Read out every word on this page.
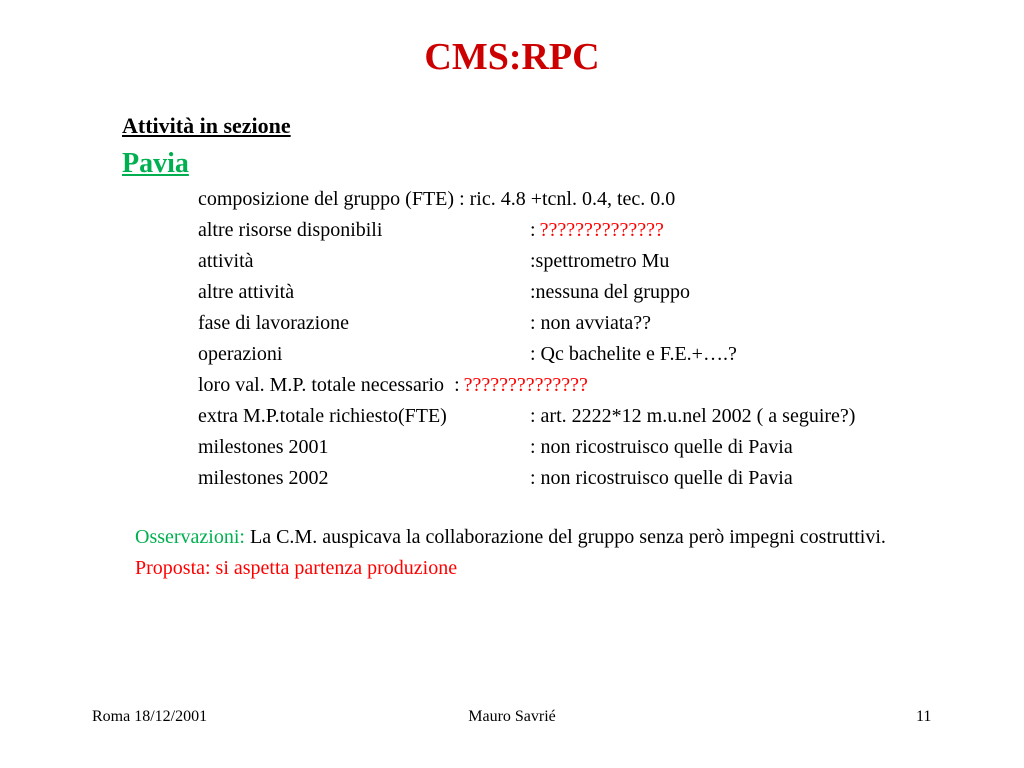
CMS:RPC
Attività in sezione
Pavia
composizione del gruppo (FTE) : ric. 4.8 +tcnl. 0.4, tec. 0.0
altre risorse disponibili	: ??????????????
attività	:spettrometro Mu
altre attività	:nessuna del gruppo
fase di lavorazione	: non avviata??
operazioni	: Qc bachelite e F.E.+….?
loro val. M.P. totale necessario : ??????????????
extra M.P.totale richiesto(FTE)	: art. 2222*12 m.u.nel 2002 ( a seguire?)
milestones 2001	: non ricostruisco quelle di Pavia
milestones 2002	: non ricostruisco quelle di Pavia
Osservazioni: La C.M. auspicava la collaborazione del gruppo senza però impegni costruttivi.
Proposta: si aspetta partenza produzione
Roma 18/12/2001	Mauro Savrié	11
